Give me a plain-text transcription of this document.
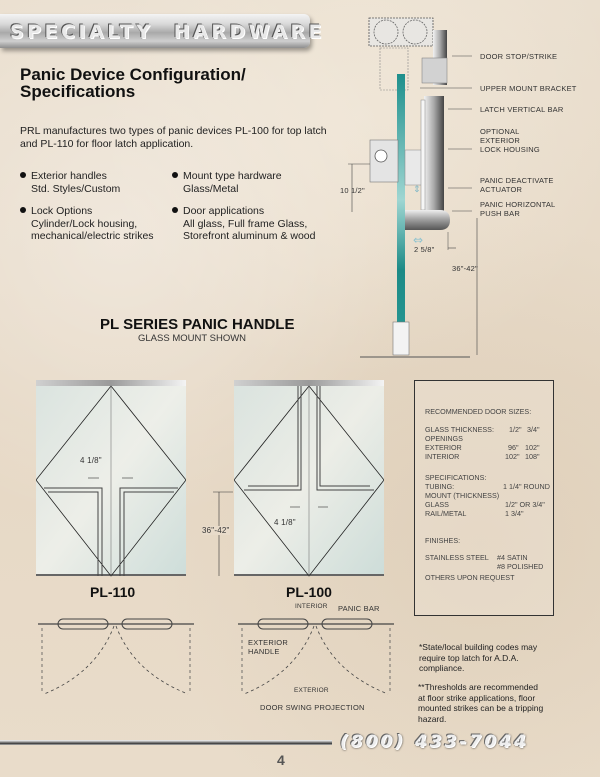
SPECIALTY  HARDWARE
Panic Device Configuration/
Specifications
PRL manufactures two types of panic devices PL-100 for top latch
and PL-110 for floor latch application.
Exterior handles
Std. Styles/Custom
Mount type hardware
Glass/Metal
Lock Options
Cylinder/Lock housing,
mechanical/electric strikes
Door applications
All glass, Full frame Glass,
Storefront aluminum & wood
⇕
⇔
DOOR STOP/STRIKE
UPPER MOUNT BRACKET
LATCH VERTICAL BAR
OPTIONAL
EXTERIOR
LOCK HOUSING
PANIC DEACTIVATE
ACTUATOR
PANIC HORIZONTAL
PUSH BAR
10 1/2"
2 5/8"
36"-42"
PL SERIES PANIC HANDLE
GLASS MOUNT SHOWN
4 1/8"
PL-110
36"-42"
4 1/8"
PL-100
INTERIOR PANIC BAR
EXTERIOR
HANDLE
EXTERIOR
DOOR SWING PROJECTION
RECOMMENDED DOOR SIZES:
GLASS THICKNESS: 1/2" 3/4"
OPENINGS
EXTERIOR	96" 102"
INTERIOR	102" 108"
SPECIFICATIONS:
TUBING:	1 1/4" ROUND
MOUNT (THICKNESS)
GLASS	1/2" OR 3/4"
RAIL/METAL	1 3/4"
FINISHES:
STAINLESS STEEL #4 SATIN
#8 POLISHED
OTHERS UPON REQUEST
*State/local building codes may
require top latch for A.D.A.
compliance.
**Thresholds are recommended
at floor strike applications, floor
mounted strikes can be a tripping
hazard.
(800) 433-7044
4
